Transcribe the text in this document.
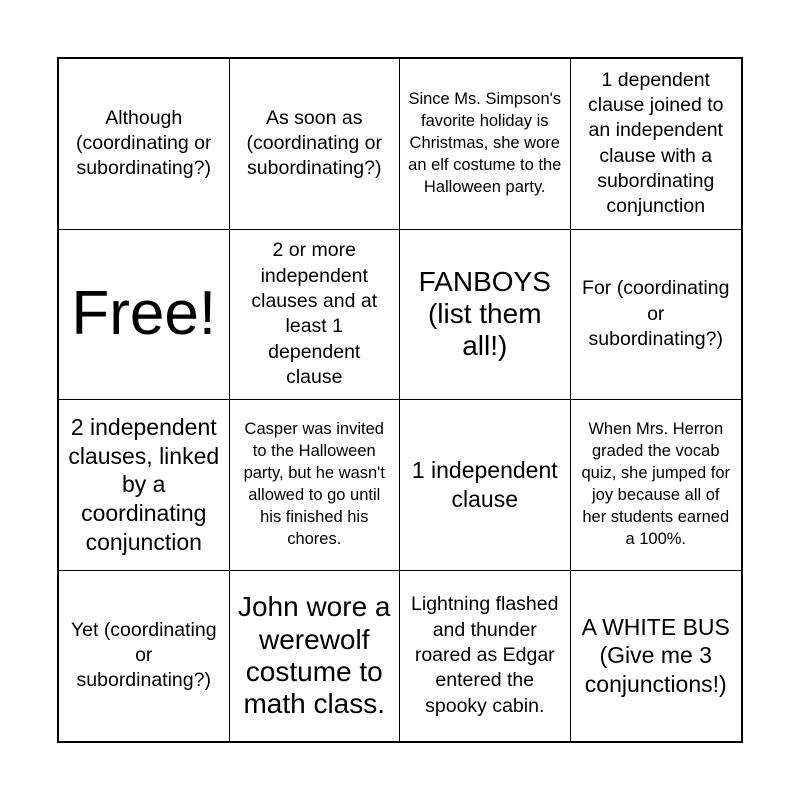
Although (coordinating or subordinating?)
As soon as (coordinating or subordinating?)
Since Ms. Simpson's favorite holiday is Christmas, she wore an elf costume to the Halloween party.
1 dependent clause joined to an independent clause with a subordinating conjunction
Free!
2 or more independent clauses and at least 1 dependent clause
FANBOYS (list them all!)
For (coordinating or subordinating?)
2 independent clauses, linked by a coordinating conjunction
Casper was invited to the Halloween party, but he wasn't allowed to go until his finished his chores.
1 independent clause
When Mrs. Herron graded the vocab quiz, she jumped for joy because all of her students earned a 100%.
Yet (coordinating or subordinating?)
John wore a werewolf costume to math class.
Lightning flashed and thunder roared as Edgar entered the spooky cabin.
A WHITE BUS (Give me 3 conjunctions!)
